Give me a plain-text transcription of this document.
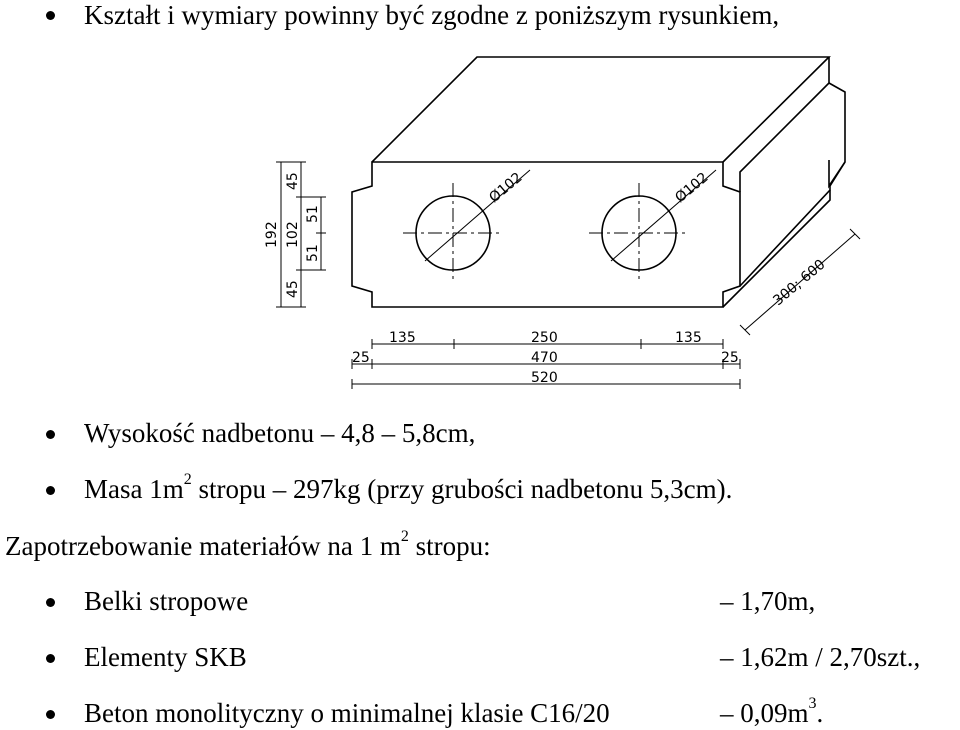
Kształt i wymiary powinny być zgodne z poniższym rysunkiem,
Ø102	Ø102
300; 600
192
45
102
45
51
51
135	250	135
25	470	25
520
Wysokość nadbetonu – 4,8 – 5,8cm,
Masa $1m^2$ stropu – 297kg (przy grubości nadbetonu 5,3cm).
Zapotrzebowanie materiałów na 1 $m^2$ stropu:
Belki stropowe	– 1,70m,
Elementy SKB	– 1,62m / 2,70szt.,
Beton monolityczny o minimalnej klasie C16/20	– $0,09m^3$.
